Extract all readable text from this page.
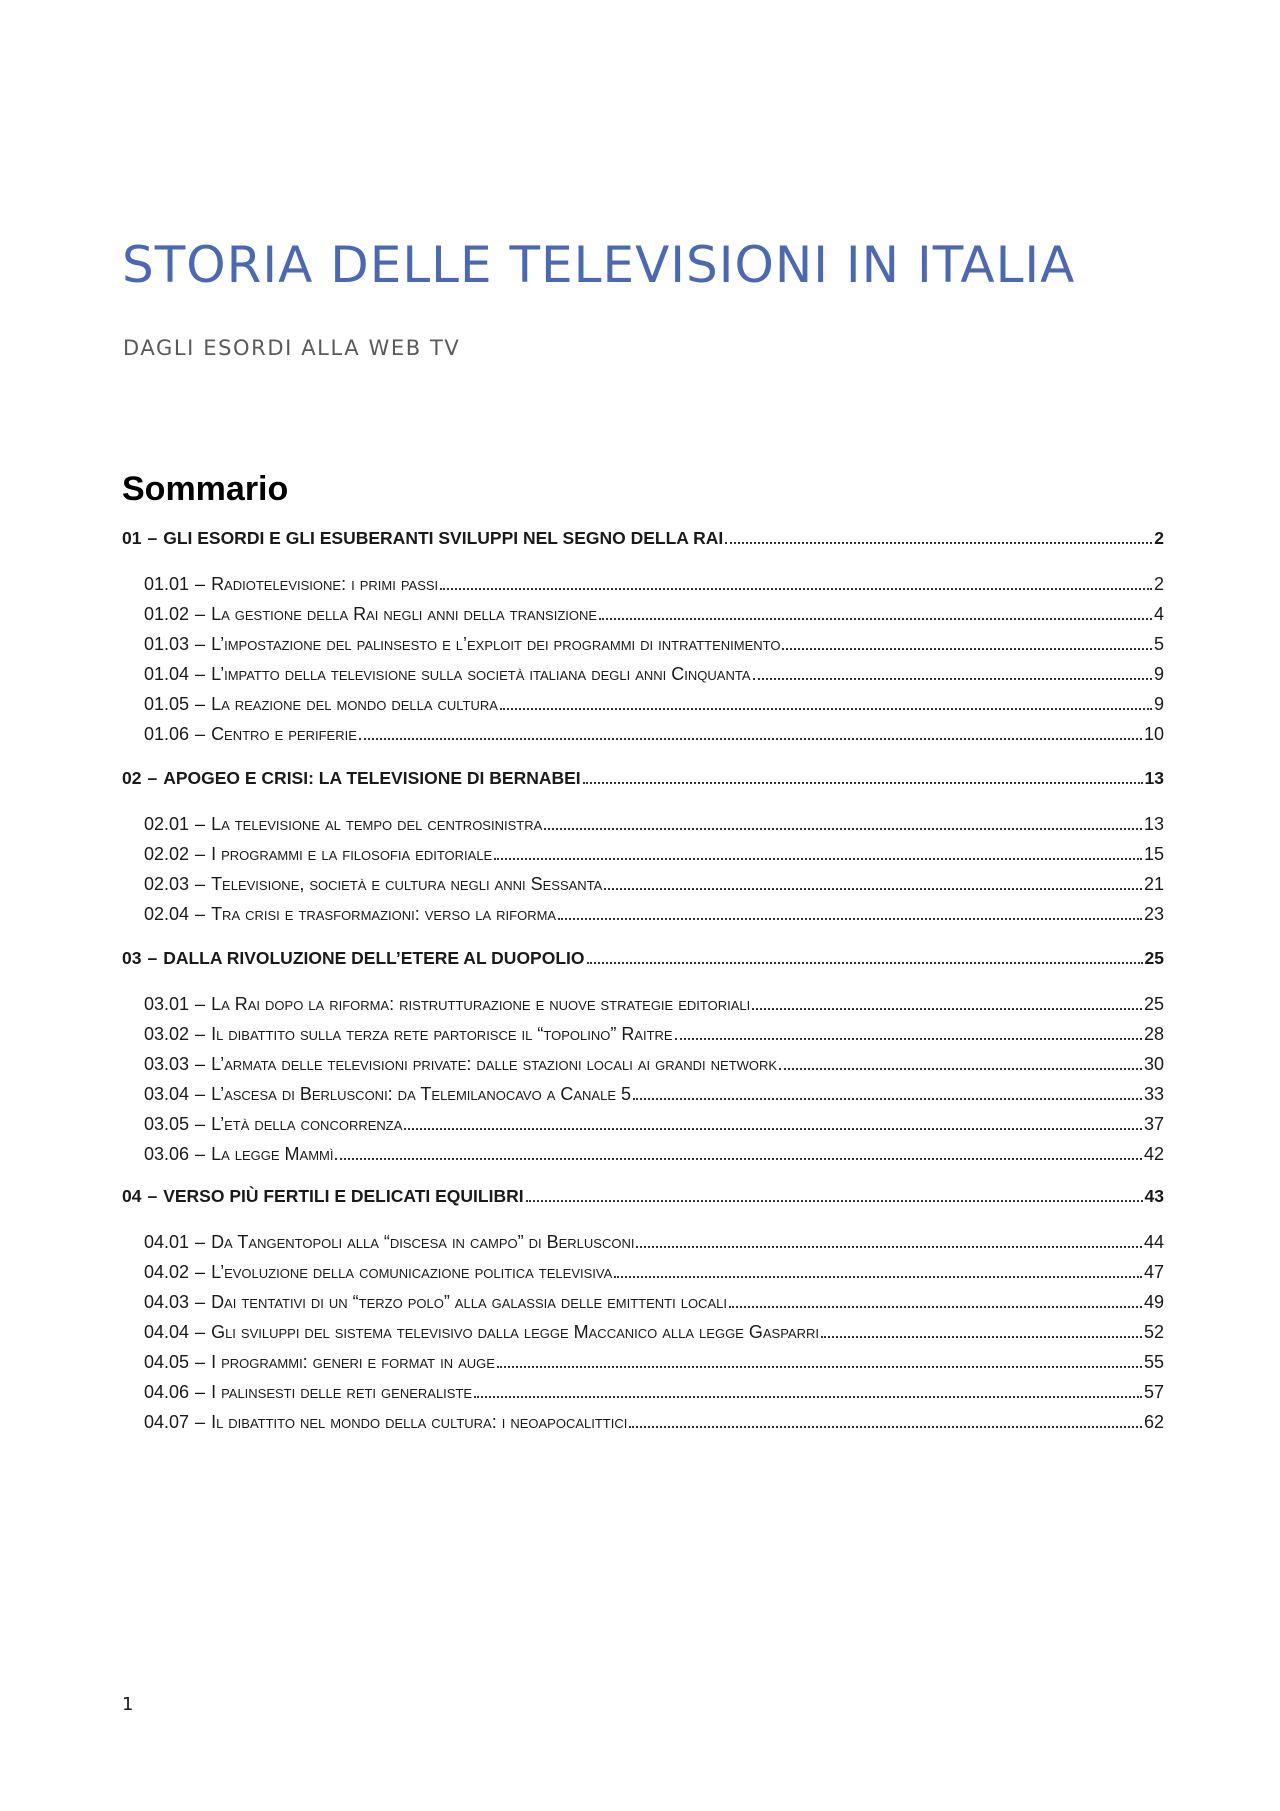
STORIA DELLE TELEVISIONI IN ITALIA
DAGLI ESORDI ALLA WEB TV
Sommario
01 – GLI ESORDI E GLI ESUBERANTI SVILUPPI NEL SEGNO DELLA RAI	2
01.01 – Radiotelevisione: i primi passi	2
01.02 – La gestione della Rai negli anni della transizione	4
01.03 – L’impostazione del palinsesto e l’exploit dei programmi di intrattenimento	5
01.04 – L’impatto della televisione sulla società italiana degli anni Cinquanta	9
01.05 – La reazione del mondo della cultura	9
01.06 – Centro e periferie	10
02 – APOGEO E CRISI: LA TELEVISIONE DI BERNABEI	13
02.01 – La televisione al tempo del centrosinistra	13
02.02 – I programmi e la filosofia editoriale	15
02.03 – Televisione, società e cultura negli anni Sessanta	21
02.04 – Tra crisi e trasformazioni: verso la riforma	23
03 – DALLA RIVOLUZIONE DELL’ETERE AL DUOPOLIO	25
03.01 – La Rai dopo la riforma: ristrutturazione e nuove strategie editoriali	25
03.02 – Il dibattito sulla terza rete partorisce il “topolino” Raitre	28
03.03 – L’armata delle televisioni private: dalle stazioni locali ai grandi network	30
03.04 – L’ascesa di Berlusconi: da Telemilanocavo a Canale 5	33
03.05 – L’età della concorrenza	37
03.06 – La legge Mammì	42
04 – VERSO PIÙ FERTILI E DELICATI EQUILIBRI	43
04.01 – Da Tangentopoli alla “discesa in campo” di Berlusconi	44
04.02 – L’evoluzione della comunicazione politica televisiva	47
04.03 – Dai tentativi di un “terzo polo” alla galassia delle emittenti locali	49
04.04 – Gli sviluppi del sistema televisivo dalla legge Maccanico alla legge Gasparri	52
04.05 – I programmi: generi e format in auge	55
04.06 – I palinsesti delle reti generaliste	57
04.07 – Il dibattito nel mondo della cultura: i neoapocalittici	62
1
